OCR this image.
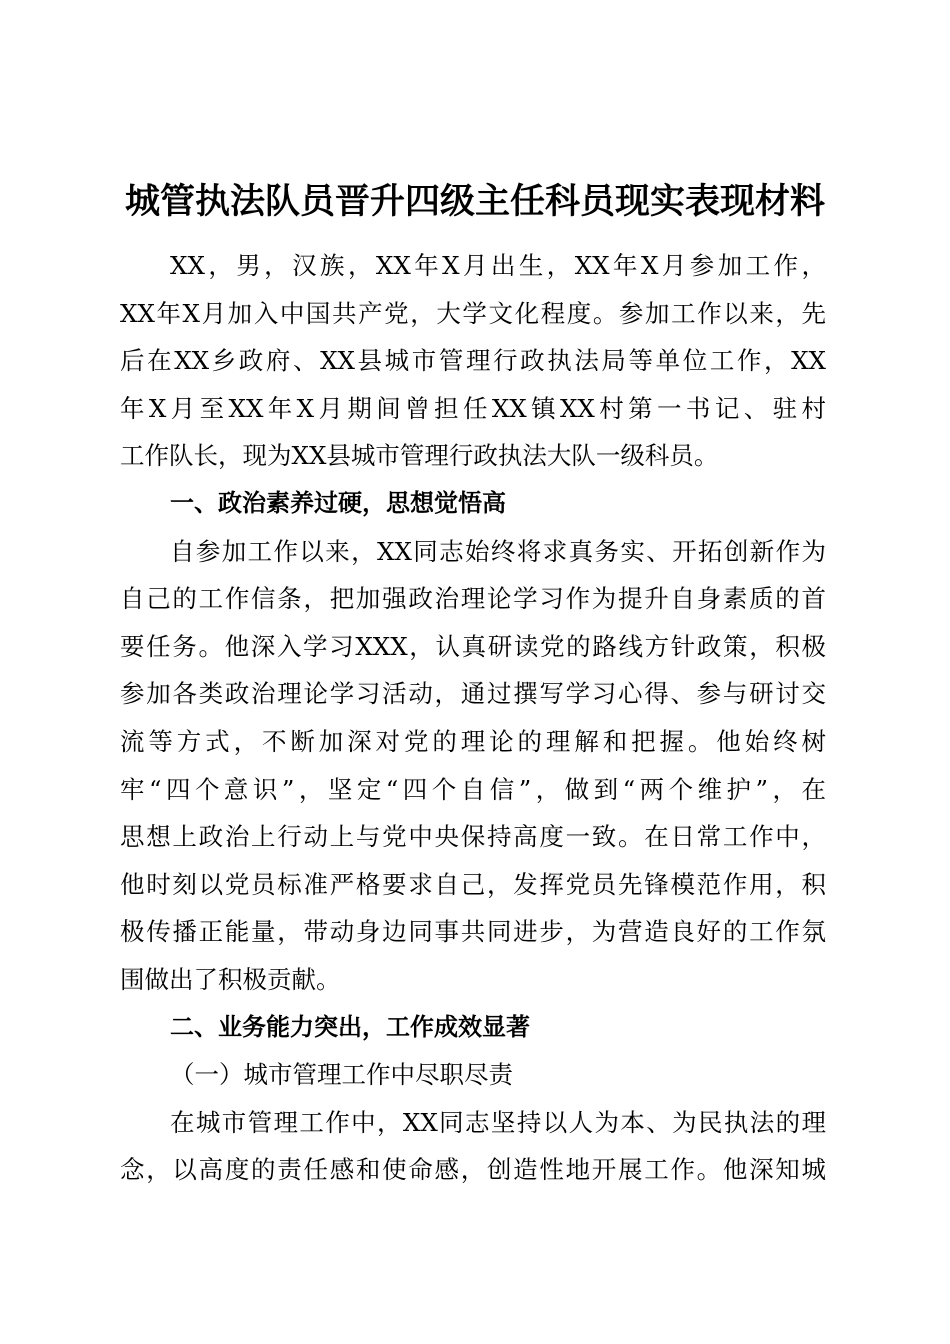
城管执法队员晋升四级主任科员现实表现材料
XX，男，汉族，XX年X月出生，XX年X月参加工作，
XX年X月加入中国共产党，大学文化程度。参加工作以来，先
后在XX乡政府、XX县城市管理行政执法局等单位工作，XX
年X月至XX年X月期间曾担任XX镇XX村第一书记、驻村
工作队长，现为XX县城市管理行政执法大队一级科员。
一、政治素养过硬，思想觉悟高
自参加工作以来，XX同志始终将求真务实、开拓创新作为
自己的工作信条，把加强政治理论学习作为提升自身素质的首
要任务。他深入学习XXX，认真研读党的路线方针政策，积极
参加各类政治理论学习活动，通过撰写学习心得、参与研讨交
流等方式，不断加深对党的理论的理解和把握。他始终树
牢“四个意识”，坚定“四个自信”，做到“两个维护”，在
思想上政治上行动上与党中央保持高度一致。在日常工作中，
他时刻以党员标准严格要求自己，发挥党员先锋模范作用，积
极传播正能量，带动身边同事共同进步，为营造良好的工作氛
围做出了积极贡献。
二、业务能力突出，工作成效显著
（一）城市管理工作中尽职尽责
在城市管理工作中，XX同志坚持以人为本、为民执法的理
念，以高度的责任感和使命感，创造性地开展工作。他深知城
